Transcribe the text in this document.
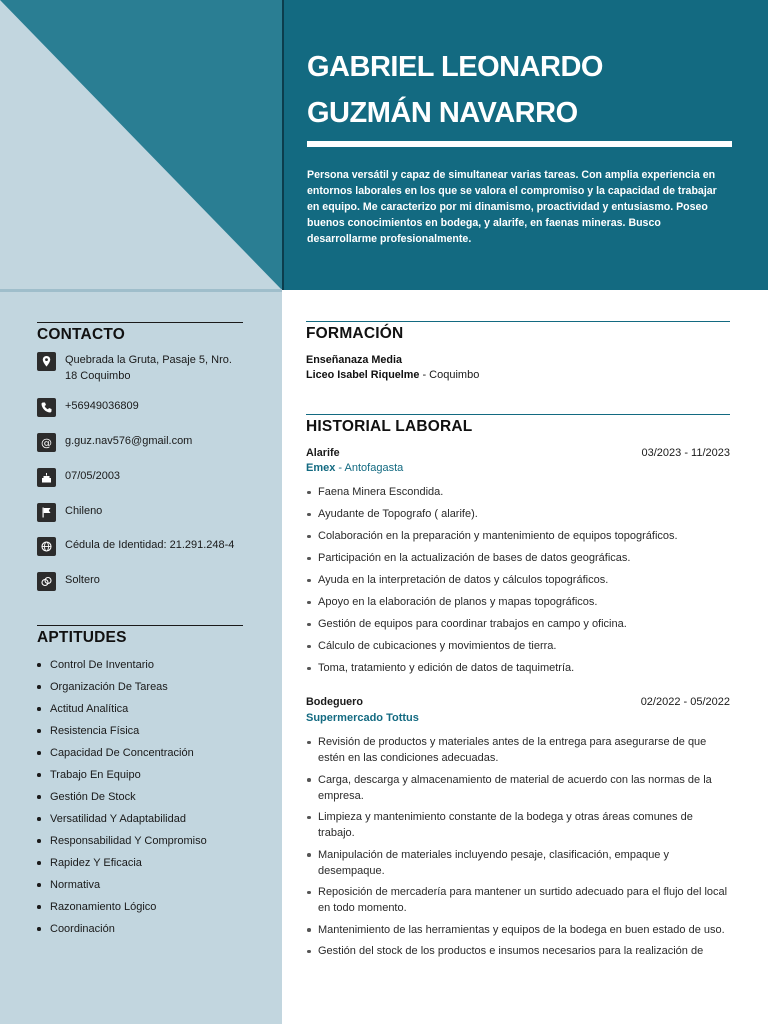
GABRIEL LEONARDO
GUZMÁN NAVARRO

Persona versátil y capaz de simultanear varias tareas. Con amplia experiencia en entornos laborales en los que se valora el compromiso y la capacidad de trabajar en equipo. Me caracterizo por mi dinamismo, proactividad y entusiasmo. Poseo buenos conocimientos en bodega, y alarife, en faenas mineras. Busco desarrollarme profesionalmente.

CONTACTO
Quebrada la Gruta, Pasaje 5, Nro. 18 Coquimbo
+56949036809
@ g.guz.nav576@gmail.com
07/05/2003
Chileno
Cédula de Identidad: 21.291.248-4
Soltero
APTITUDES
Control De Inventario
Organización De Tareas
Actitud Analítica
Resistencia Física
Capacidad De Concentración
Trabajo En Equipo
Gestión De Stock
Versatilidad Y Adaptabilidad
Responsabilidad Y Compromiso
Rapidez Y Eficacia
Normativa
Razonamiento Lógico
Coordinación
FORMACIÓN
Enseñanaza Media
Liceo Isabel Riquelme - Coquimbo
HISTORIAL LABORAL
Alarife	03/2023 - 11/2023
Emex - Antofagasta
Faena Minera Escondida.
Ayudante de Topografo ( alarife).
Colaboración en la preparación y mantenimiento de equipos topográficos.
Participación en la actualización de bases de datos geográficas.
Ayuda en la interpretación de datos y cálculos topográficos.
Apoyo en la elaboración de planos y mapas topográficos.
Gestión de equipos para coordinar trabajos en campo y oficina.
Cálculo de cubicaciones y movimientos de tierra.
Toma, tratamiento y edición de datos de taquimetría.
Bodeguero	02/2022 - 05/2022
Supermercado Tottus
Revisión de productos y materiales antes de la entrega para asegurarse de que estén en las condiciones adecuadas.
Carga, descarga y almacenamiento de material de acuerdo con las normas de la empresa.
Limpieza y mantenimiento constante de la bodega y otras áreas comunes de trabajo.
Manipulación de materiales incluyendo pesaje, clasificación, empaque y desempaque.
Reposición de mercadería para mantener un surtido adecuado para el flujo del local en todo momento.
Mantenimiento de las herramientas y equipos de la bodega en buen estado de uso.
Gestión del stock de los productos e insumos necesarios para la realización de
